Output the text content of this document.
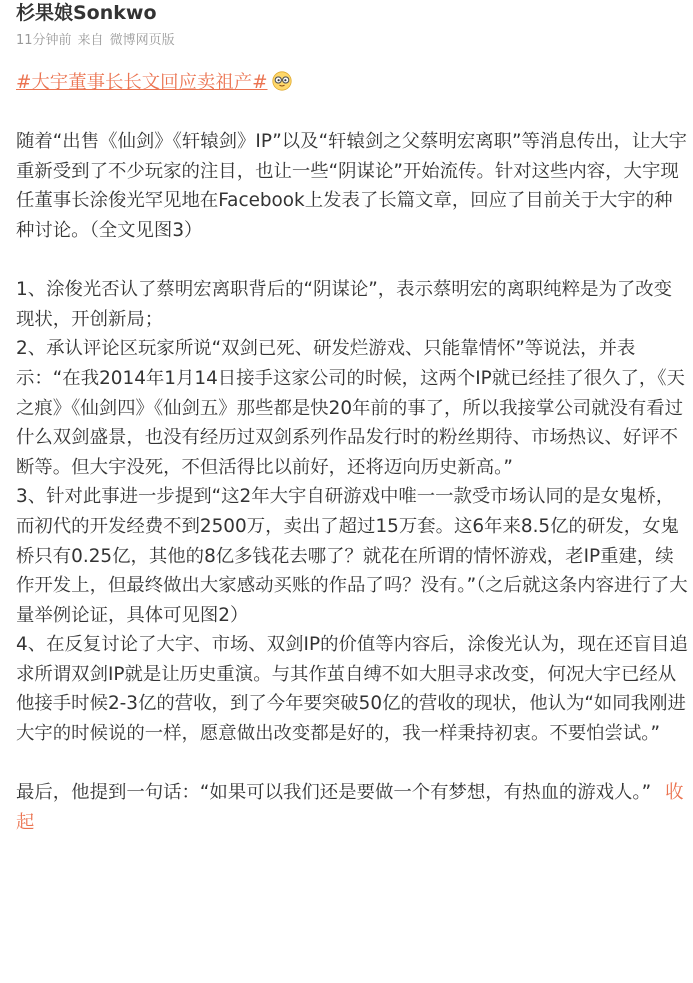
杉果娘Sonkwo
11分钟前 来自 微博网页版

#大宇董事长长文回应卖祖产#

随着“出售《仙剑》《轩辕剑》IP”以及“轩辕剑之父蔡明宏离职”等消息传出，让大宇重新受到了不少玩家的注目，也让一些“阴谋论”开始流传。针对这些内容，大宇现任董事长涂俊光罕见地在Facebook上发表了长篇文章，回应了目前关于大宇的种种讨论。（全文见图3）

1、涂俊光否认了蔡明宏离职背后的“阴谋论”，表示蔡明宏的离职纯粹是为了改变现状，开创新局；

2、承认评论区玩家所说“双剑已死、研发烂游戏、只能靠情怀”等说法，并表示：“在我2014年1月14日接手这家公司的时候，这两个IP就已经挂了很久了，《天之痕》《仙剑四》《仙剑五》那些都是快20年前的事了，所以我接掌公司就没有看过什么双剑盛景，也没有经历过双剑系列作品发行时的粉丝期待、市场热议、好评不断等。但大宇没死，不但活得比以前好，还将迈向历史新高。”

3、针对此事进一步提到“这2年大宇自研游戏中唯一一款受市场认同的是女鬼桥，而初代的开发经费不到2500万，卖出了超过15万套。这6年来8.5亿的研发，女鬼桥只有0.25亿，其他的8亿多钱花去哪了？就花在所谓的情怀游戏，老IP重建，续作开发上，但最终做出大家感动买账的作品了吗？没有。”（之后就这条内容进行了大量举例论证，具体可见图2）

4、在反复讨论了大宇、市场、双剑IP的价值等内容后，涂俊光认为，现在还盲目追求所谓双剑IP就是让历史重演。与其作茧自缚不如大胆寻求改变，何况大宇已经从他接手时候2-3亿的营收，到了今年要突破50亿的营收的现状，他认为“如同我刚进大宇的时候说的一样，愿意做出改变都是好的，我一样秉持初衷。不要怕尝试。”

最后，他提到一句话：“如果可以我们还是要做一个有梦想，有热血的游戏人。” 收起
